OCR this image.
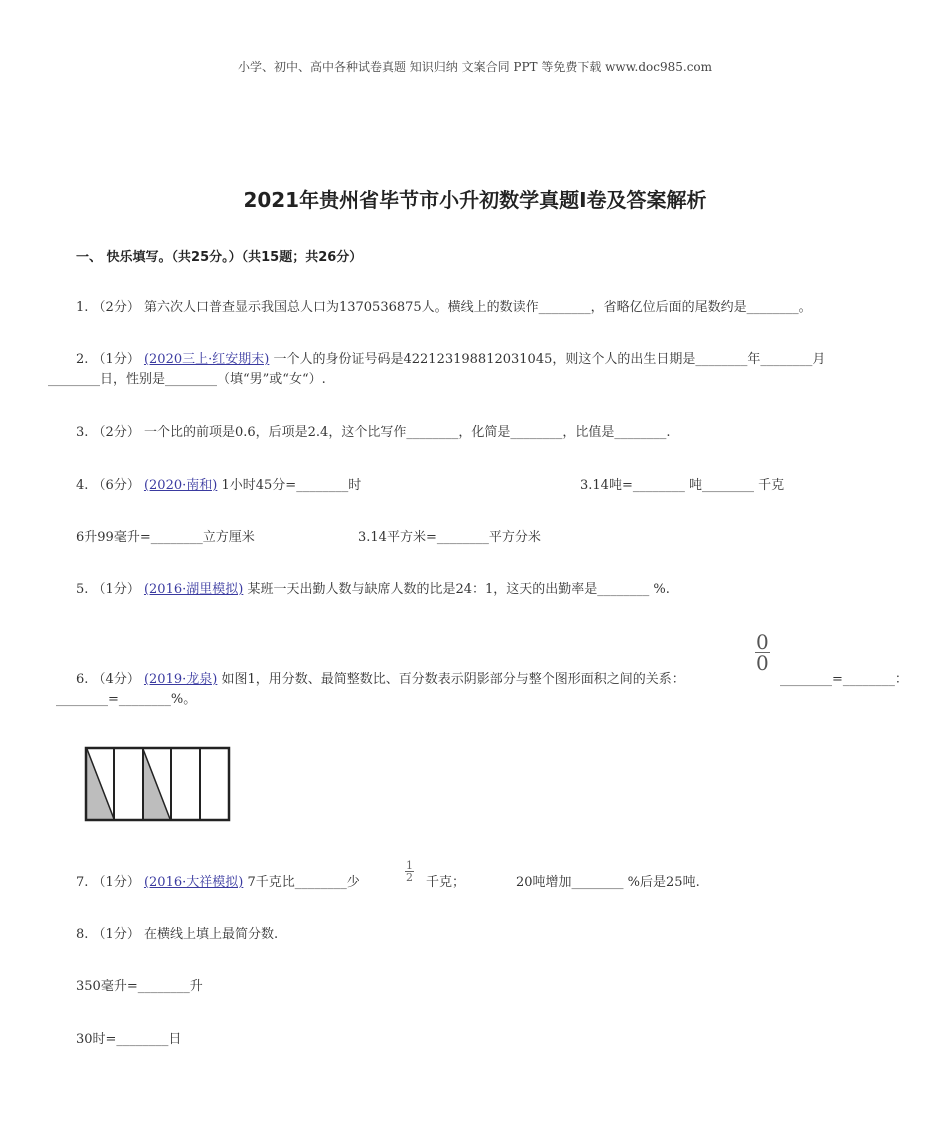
小学、初中、高中各种试卷真题 知识归纳 文案合同 PPT 等免费下载 www.doc985.com
2021年贵州省毕节市小升初数学真题I卷及答案解析
一、 快乐填写。（共25分。）（共15题；共26分）
1. （2分） 第六次人口普查显示我国总人口为1370536875人。横线上的数读作________，省略亿位后面的尾数约是________。
2. （1分） (2020三上·红安期末) 一个人的身份证号码是422123198812031045，则这个人的出生日期是________年________月
________日，性别是________（填“男”或“女“）.
3. （2分） 一个比的前项是0.6，后项是2.4，这个比写作________，化简是________，比值是________.
4. （6分） (2020·南和) 1小时45分=________时	3.14吨=________ 吨________ 千克
6升99毫升=________立方厘米	3.14平方米=________平方分米
5. （1分） (2016·湖里模拟) 某班一天出勤人数与缺席人数的比是24：1，这天的出勤率是________ %.
6. （4分） (2019·龙泉) 如图1，用分数、最简整数比、百分数表示阴影部分与整个图形面积之间的关系：
$\frac{0}{0}$
________=________：
________=________%。
7. （1分） (2016·大祥模拟) 7千克比________少	$\frac{1}{2}$ 千克；	20吨增加________ %后是25吨.
8. （1分） 在横线上填上最简分数.
350毫升=________升
30时=________日
